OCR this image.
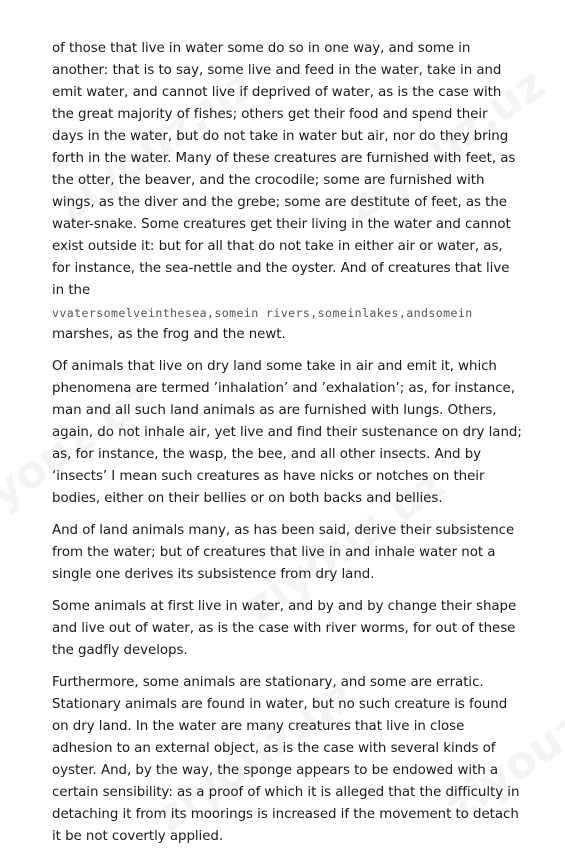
of those that live in water some do so in one way, and some in another: that is to say, some live and feed in the water, take in and emit water, and cannot live if deprived of water, as is the case with the great majority of fishes; others get their food and spend their days in the water, but do not take in water but air, nor do they bring forth in the water. Many of these creatures are furnished with feet, as the otter, the beaver, and the crocodile; some are furnished with wings, as the diver and the grebe; some are destitute of feet, as the water-snake. Some creatures get their living in the water and cannot exist outside it: but for all that do not take in either air or water, as, for instance, the sea-nettle and the oyster. And of creatures that live in the
vvatersomelveinthesea,somein rivers,someinlakes,andsomein
marshes, as the frog and the newt.

Of animals that live on dry land some take in air and emit it, which phenomena are termed ’inhalation’ and ’exhalation’; as, for instance, man and all such land animals as are furnished with lungs. Others, again, do not inhale air, yet live and find their sustenance on dry land; as, for instance, the wasp, the bee, and all other insects. And by ‘insects’ I mean such creatures as have nicks or notches on their bodies, either on their bellies or on both backs and bellies.

And of land animals many, as has been said, derive their subsistence from the water; but of creatures that live in and inhale water not a single one derives its subsistence from dry land.

Some animals at first live in water, and by and by change their shape and live out of water, as is the case with river worms, for out of these the gadfly develops.

Furthermore, some animals are stationary, and some are erratic. Stationary animals are found in water, but no such creature is found on dry land. In the water are many creatures that live in close adhesion to an external object, as is the case with several kinds of oyster. And, by the way, the sponge appears to be endowed with a certain sensibility: as a proof of which it is alleged that the difficulty in detaching it from its moorings is increased if the movement to detach it be not covertly applied.
